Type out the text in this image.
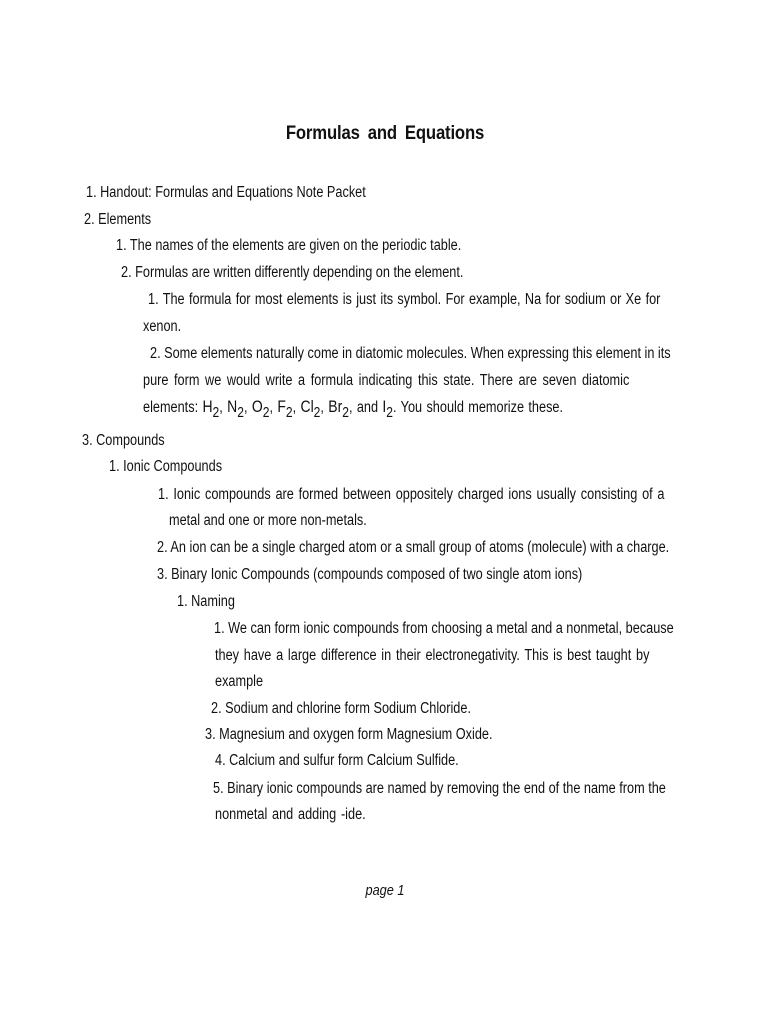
Formulas and Equations
1. Handout: Formulas and Equations Note Packet
2. Elements
1. The names of the elements are given on the periodic table.
2. Formulas are written differently depending on the element.
1. The formula for most elements is just its symbol. For example, Na for sodium or Xe for
xenon.
2. Some elements naturally come in diatomic molecules. When expressing this element in its
pure form we would write a formula indicating this state. There are seven diatomic
elements: H2, N2, O2, F2, Cl2, Br2, and I2. You should memorize these.
3. Compounds
1. Ionic Compounds
1. Ionic compounds are formed between oppositely charged ions usually consisting of a
metal and one or more non-metals.
2. An ion can be a single charged atom or a small group of atoms (molecule) with a charge.
3. Binary Ionic Compounds (compounds composed of two single atom ions)
1. Naming
1. We can form ionic compounds from choosing a metal and a nonmetal, because
they have a large difference in their electronegativity. This is best taught by
example
2. Sodium and chlorine form Sodium Chloride.
3. Magnesium and oxygen form Magnesium Oxide.
4. Calcium and sulfur form Calcium Sulfide.
5. Binary ionic compounds are named by removing the end of the name from the
nonmetal and adding -ide.
page 1
